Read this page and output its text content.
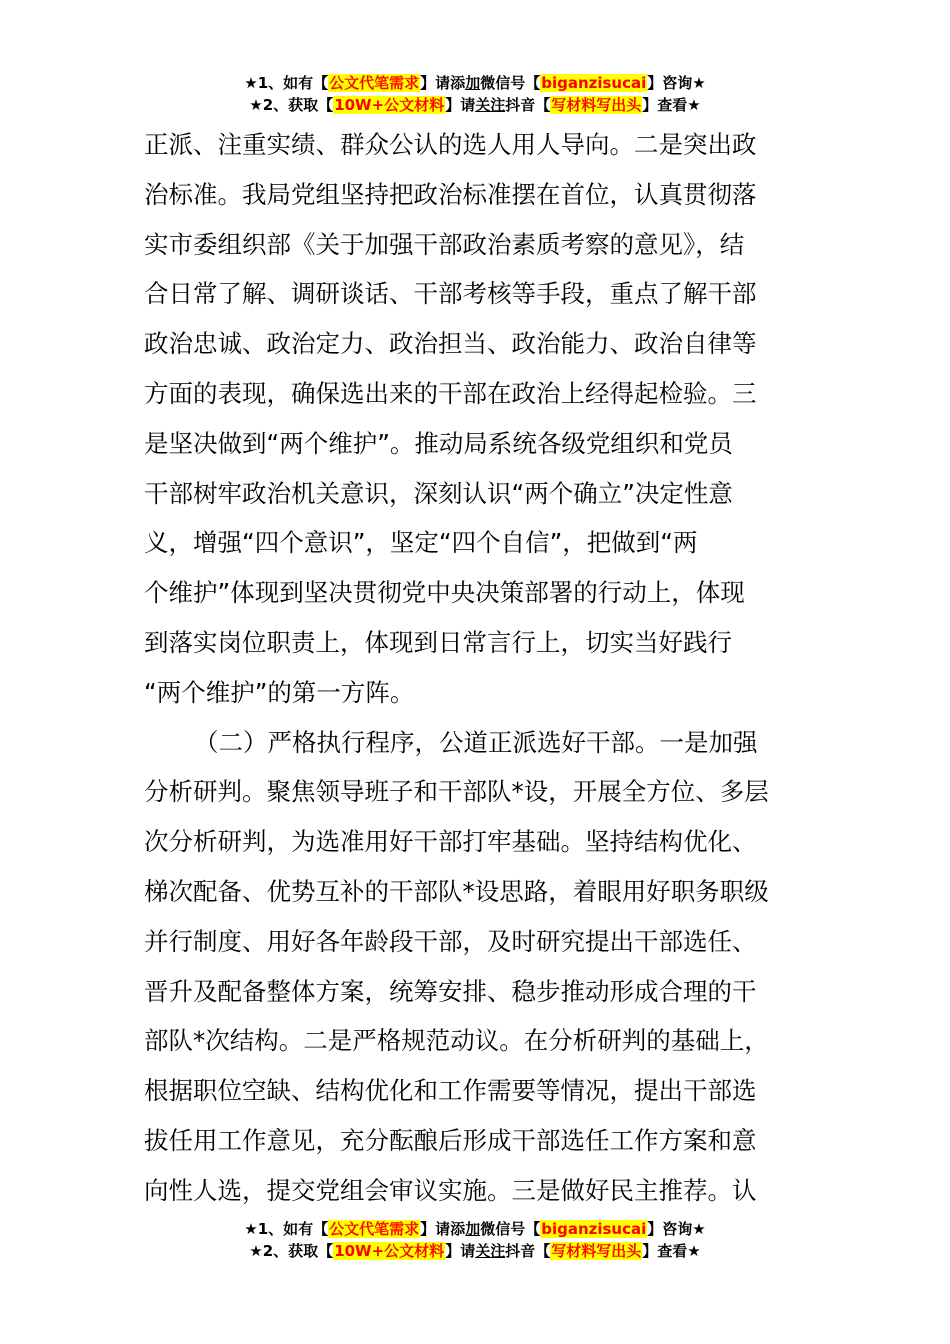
★1、如有【公文代笔需求】请添加微信号【biganzisucai】咨询★
★2、获取【10W+公文材料】请关注抖音【写材料写出头】查看★
正派、注重实绩、群众公认的选人用人导向。二是突出政
治标准。我局党组坚持把政治标准摆在首位，认真贯彻落
实市委组织部《关于加强干部政治素质考察的意见》，结
合日常了解、调研谈话、干部考核等手段，重点了解干部
政治忠诚、政治定力、政治担当、政治能力、政治自律等
方面的表现，确保选出来的干部在政治上经得起检验。三
是坚决做到“两个维护”。推动局系统各级党组织和党员
干部树牢政治机关意识，深刻认识“两个确立”决定性意
义，增强“四个意识”，坚定“四个自信”，把做到“两
个维护”体现到坚决贯彻党中央决策部署的行动上，体现
到落实岗位职责上，体现到日常言行上，切实当好践行
“两个维护”的第一方阵。
（二）严格执行程序，公道正派选好干部。一是加强
分析研判。聚焦领导班子和干部队*设，开展全方位、多层
次分析研判，为选准用好干部打牢基础。坚持结构优化、
梯次配备、优势互补的干部队*设思路，着眼用好职务职级
并行制度、用好各年龄段干部，及时研究提出干部选任、
晋升及配备整体方案，统筹安排、稳步推动形成合理的干
部队*次结构。二是严格规范动议。在分析研判的基础上，
根据职位空缺、结构优化和工作需要等情况，提出干部选
拔任用工作意见，充分酝酿后形成干部选任工作方案和意
向性人选，提交党组会审议实施。三是做好民主推荐。认
★1、如有【公文代笔需求】请添加微信号【biganzisucai】咨询★
★2、获取【10W+公文材料】请关注抖音【写材料写出头】查看★
